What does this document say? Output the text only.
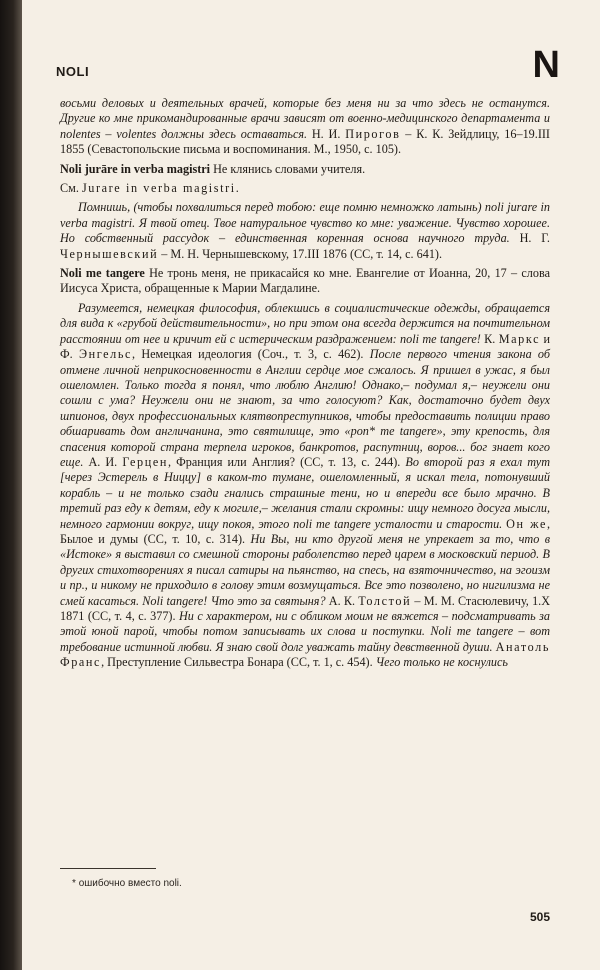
NOLI	N

восьми деловых и деятельных врачей, которые без меня ни за что здесь не останутся. Другие ко мне прикомандированные врачи зависят от военно-медицинского департамента и nolentes – volentes должны здесь оставаться. Н. И. Пирогов – К. К. Зейдлицу, 16–19.III 1855 (Севастопольские письма и воспоминания. М., 1950, с. 105).

Noli jurāre in verba magistri Не клянись словами учителя.

См. Jurare in verba magistri.

Помнишь, (чтобы похвалиться перед тобою: еще помню немножко латынь) noli jurare in verba magistri. Я твой отец. Твое натуральное чувство ко мне: уважение. Чувство хорошее. Но собственный рассудок – единственная коренная основа научного труда. Н. Г. Чернышевский – М. Н. Чернышевскому, 17.III 1876 (СС, т. 14, с. 641).

Noli me tangere Не тронь меня, не прикасайся ко мне. Евангелие от Иоанна, 20, 17 – слова Иисуса Христа, обращенные к Марии Магдалине.

Разумеется, немецкая философия, облекшись в социалистические одежды, обращается для вида к «грубой действительности», но при этом она всегда держится на почтительном расстоянии от нее и кричит ей с истерическим раздражением: noli me tangere! К. Маркс и Ф. Энгельс, Немецкая идеология (Соч., т. 3, с. 462). После первого чтения закона об отмене личной неприкосновенности в Англии сердце мое сжалось. Я пришел в ужас, я был ошеломлен. Только тогда я понял, что люблю Англию! Однако,– подумал я,– неужели они сошли с ума? Неужели они не знают, за что голосуют? Как, достаточно будет двух шпионов, двух профессиональных клятвопреступников, чтобы предоставить полиции право обшаривать дом англичанина, это святилище, это «poп* me tangere», эту крепость, для спасения которой страна терпела игроков, банкротов, распутниц, воров... бог знает кого еще. А. И. Герцен, Франция или Англия? (СС, т. 13, с. 244). Во второй раз я ехал тут [через Эстерель в Ниццу] в каком-то тумане, ошеломленный, я искал тела, потонувший корабль – и не только сзади гнались страшные тени, но и впереди все было мрачно. В третий раз еду к детям, еду к могиле,– желания стали скромны: ищу немного досуга мысли, немного гармонии вокруг, ищу покоя, этого noli me tangere усталости и старости. Он же, Былое и думы (СС, т. 10, с. 314). Ни Вы, ни кто другой меня не упрекает за то, что в «Истоке» я выставил со смешной стороны раболепство перед царем в московский период. В других стихотворениях я писал сатиры на пьянство, на спесь, на взяточничество, на эгоизм и пр., и никому не приходило в голову этим возмущаться. Все это позволено, но нигилизма не смей касаться. Noli tangere! Что это за святыня? А. К. Толстой – М. М. Стасюлевичу, 1.X 1871 (СС, т. 4, с. 377). Ни с характером, ни с обликом моим не вяжется – подсматривать за этой юной парой, чтобы потом записывать их слова и поступки. Noli me tangere – вот требование истинной любви. Я знаю свой долг уважать тайну девственной души. Анатоль Франс, Преступление Сильвестра Бонара (СС, т. 1, с. 454). Чего только не коснулись

* ошибочно вместо noli.
505
